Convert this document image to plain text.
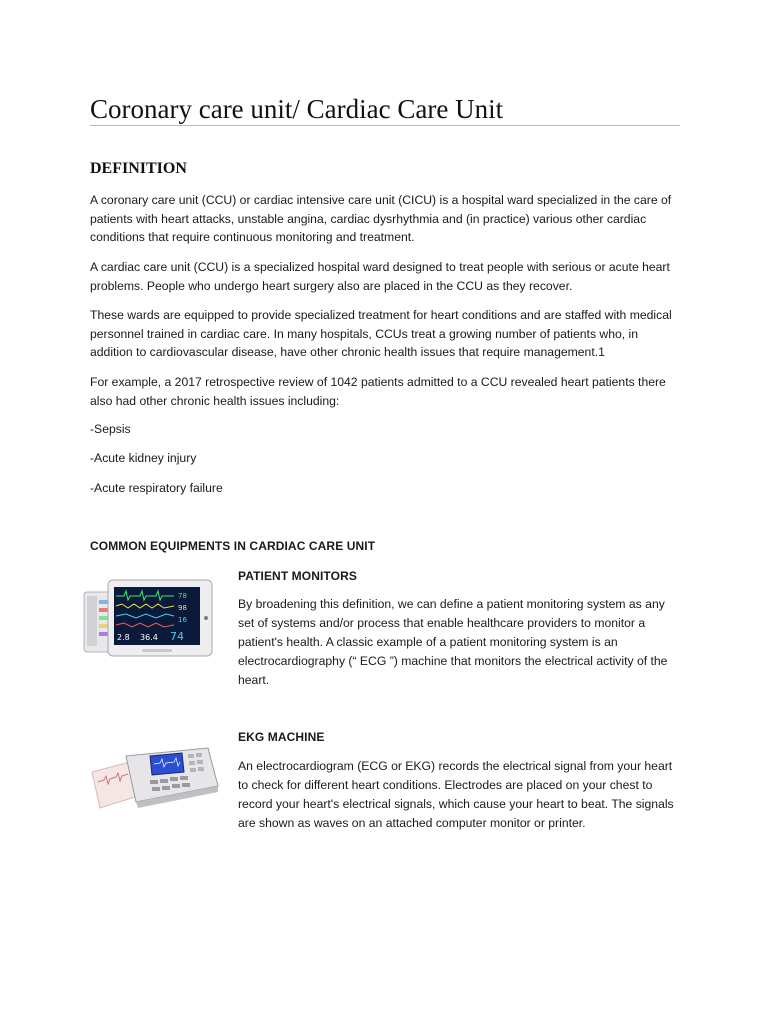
Coronary care unit/ Cardiac Care Unit
DEFINITION

A coronary care unit (CCU) or cardiac intensive care unit (CICU) is a hospital ward specialized in the care of patients with heart attacks, unstable angina, cardiac dysrhythmia and (in practice) various other cardiac conditions that require continuous monitoring and treatment.

A cardiac care unit (CCU) is a specialized hospital ward designed to treat people with serious or acute heart problems. People who undergo heart surgery also are placed in the CCU as they recover.

These wards are equipped to provide specialized treatment for heart conditions and are staffed with medical personnel trained in cardiac care. In many hospitals, CCUs treat a growing number of patients who, in addition to cardiovascular disease, have other chronic health issues that require management.1

For example, a 2017 retrospective review of 1042 patients admitted to a CCU revealed heart patients there also had other chronic health issues including:

-Sepsis

-Acute kidney injury

-Acute respiratory failure

COMMON EQUIPMENTS IN CARDIAC CARE UNIT
78
98
16
2.8 36.4 74
PATIENT MONITORS

By broadening this definition, we can define a patient monitoring system as any set of systems and/or process that enable healthcare providers to monitor a patient's health. A classic example of a patient monitoring system is an electrocardiography (“ ECG ”) machine that monitors the electrical activity of the heart.

EKG MACHINE

An electrocardiogram (ECG or EKG) records the electrical signal from your heart to check for different heart conditions. Electrodes are placed on your chest to record your heart's electrical signals, which cause your heart to beat. The signals are shown as waves on an attached computer monitor or printer.
